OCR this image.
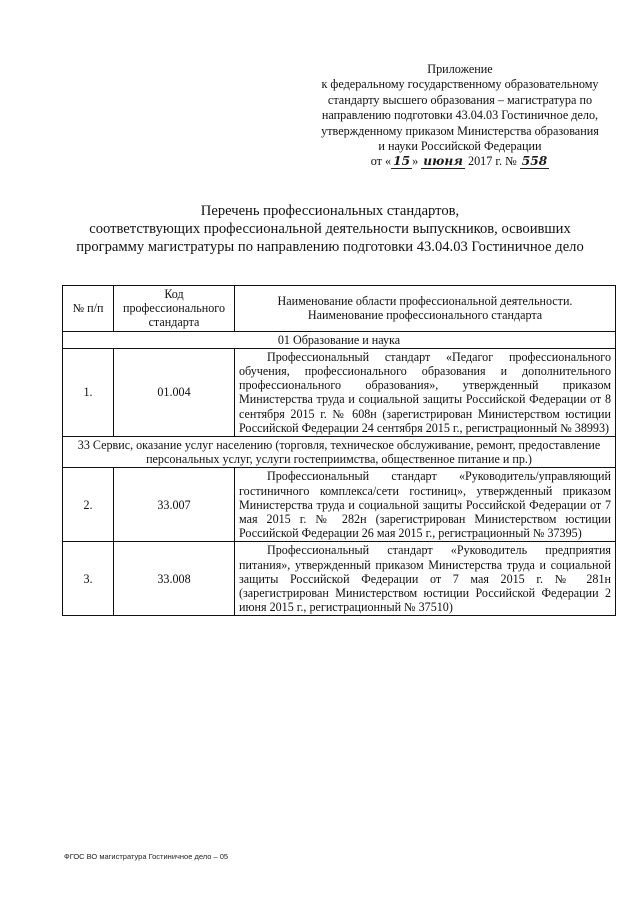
Приложение
к федеральному государственному образовательному
стандарту высшего образования – магистратура по
направлению подготовки 43.04.03 Гостиничное дело,
утвержденному приказом Министерства образования
и науки Российской Федерации
от « 15 » июня 2017 г. № 558
Перечень профессиональных стандартов,
соответствующих профессиональной деятельности выпускников, освоивших
программу магистратуры по направлению подготовки 43.04.03 Гостиничное дело
№ п/п	Код профессионального стандарта	Наименование области профессиональной деятельности. Наименование профессионального стандарта
01 Образование и наука		
1.	01.004	Профессиональный стандарт «Педагог профессионального обучения, профессионального образования и дополнительного профессионального образования», утвержденный приказом Министерства труда и социальной защиты Российской Федерации от 8 сентября 2015 г. № 608н (зарегистрирован Министерством юстиции Российской Федерации 24 сентября 2015 г., регистрационный № 38993)
33 Сервис, оказание услуг населению (торговля, техническое обслуживание, ремонт, предоставление персональных услуг, услуги гостеприимства, общественное питание и пр.)		
2.	33.007	Профессиональный стандарт «Руководитель/управляющий гостиничного комплекса/сети гостиниц», утвержденный приказом Министерства труда и социальной защиты Российской Федерации от 7 мая 2015 г. № 282н (зарегистрирован Министерством юстиции Российской Федерации 26 мая 2015 г., регистрационный № 37395)
3.	33.008	Профессиональный стандарт «Руководитель предприятия питания», утвержденный приказом Министерства труда и социальной защиты Российской Федерации от 7 мая 2015 г. № 281н (зарегистрирован Министерством юстиции Российской Федерации 2 июня 2015 г., регистрационный № 37510)
ФГОС ВО магистратура Гостиничное дело – 05
